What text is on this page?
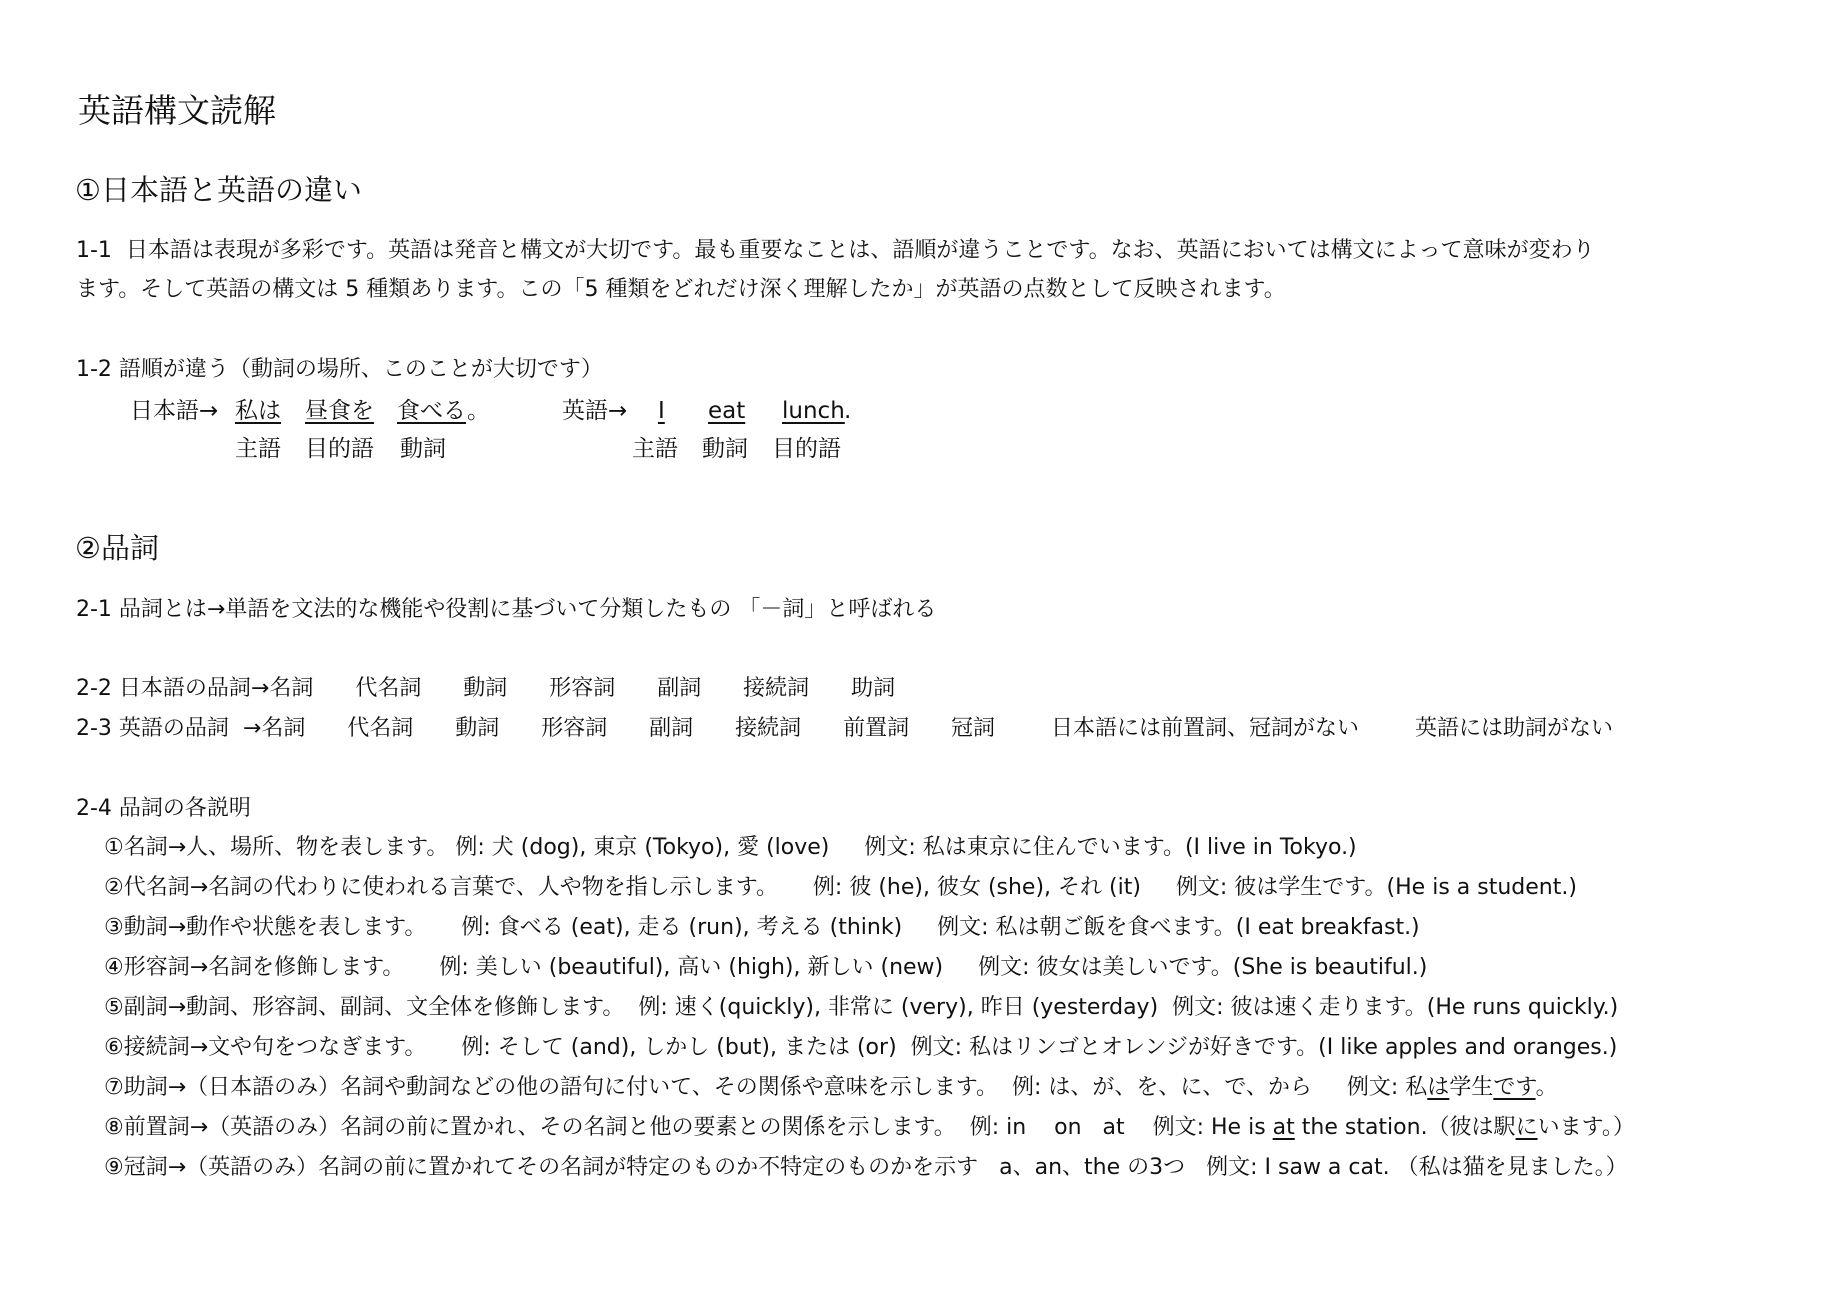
英語構文読解
①日本語と英語の違い
1-1  日本語は表現が多彩です。英語は発音と構文が大切です。最も重要なことは、語順が違うことです。なお、英語においては構文によって意味が変わり
ます。そして英語の構文は 5 種類あります。この「5 種類をどれだけ深く理解したか」が英語の点数として反映されます。
1-2 語順が違う（動詞の場所、このことが大切です）

日本語→

私は

昼食を

食べる

。

	英語→

I

eat

lunch

.

主語

目的語

動詞

	主語

動詞

目的語

②品詞
2-1 品詞とは→単語を文法的な機能や役割に基づいて分類したもの 「－詞」と呼ばれる
2-2 日本語の品詞→名詞      代名詞      動詞      形容詞      副詞      接続詞      助詞
2-3 英語の品詞  →名詞      代名詞      動詞      形容詞      副詞      接続詞      前置詞      冠詞        日本語には前置詞、冠詞がない        英語には助詞がない
2-4 品詞の各説明
①名詞→人、場所、物を表します。 例: 犬 (dog), 東京 (Tokyo), 愛 (love)     例文: 私は東京に住んでいます。(I live in Tokyo.)
②代名詞→名詞の代わりに使われる言葉で、人や物を指し示します。     例: 彼 (he), 彼女 (she), それ (it)     例文: 彼は学生です。(He is a student.)
③動詞→動作や状態を表します。     例: 食べる (eat), 走る (run), 考える (think)     例文: 私は朝ご飯を食べます。(I eat breakfast.)
④形容詞→名詞を修飾します。     例: 美しい (beautiful), 高い (high), 新しい (new)     例文: 彼女は美しいです。(She is beautiful.)
⑤副詞→動詞、形容詞、副詞、文全体を修飾します。  例: 速く(quickly), 非常に (very), 昨日 (yesterday)  例文: 彼は速く走ります。(He runs quickly.)
⑥接続詞→文や句をつなぎます。     例: そして (and), しかし (but), または (or)  例文: 私はリンゴとオレンジが好きです。(I like apples and oranges.)
⑦助詞→（日本語のみ）名詞や動詞などの他の語句に付いて、その関係や意味を示します。  例: は、が、を、に、で、から     例文: 私は学生です。
⑧前置詞→（英語のみ）名詞の前に置かれ、その名詞と他の要素との関係を示します。  例: in    on   at    例文: He is at the station.（彼は駅にいます。）
⑨冠詞→（英語のみ）名詞の前に置かれてその名詞が特定のものか不特定のものかを示す   a、an、the の3つ   例文: I saw a cat. （私は猫を見ました。）
